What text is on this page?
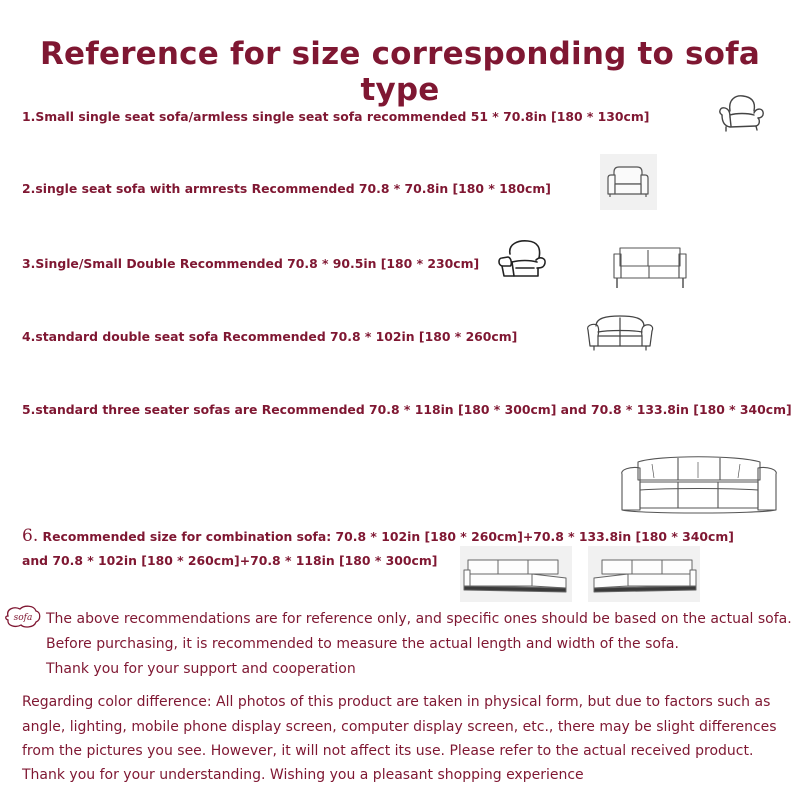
Reference for size corresponding to sofa type
1.Small single seat sofa/armless single seat sofa recommended 51 * 70.8in [180 * 130cm]
2.single seat sofa with armrests Recommended 70.8 * 70.8in [180 * 180cm]
3.Single/Small Double Recommended 70.8 * 90.5in [180 * 230cm]
4.standard double seat sofa Recommended 70.8 * 102in [180 * 260cm]
5.standard three seater sofas are Recommended 70.8 * 118in [180 * 300cm] and 70.8 * 133.8in [180 * 340cm]
6. Recommended size for combination sofa: 70.8 * 102in [180 * 260cm]+70.8 * 133.8in [180 * 340cm]
and 70.8 * 102in [180 * 260cm]+70.8 * 118in [180 * 300cm]
sofa The above recommendations are for reference only, and specific ones should be based on the actual sofa.
Before purchasing, it is recommended to measure the actual length and width of the sofa.
Thank you for your support and cooperation
Regarding color difference: All photos of this product are taken in physical form, but due to factors such as
angle, lighting, mobile phone display screen, computer display screen, etc., there may be slight differences
from the pictures you see. However, it will not affect its use. Please refer to the actual received product.
Thank you for your understanding. Wishing you a pleasant shopping experience
